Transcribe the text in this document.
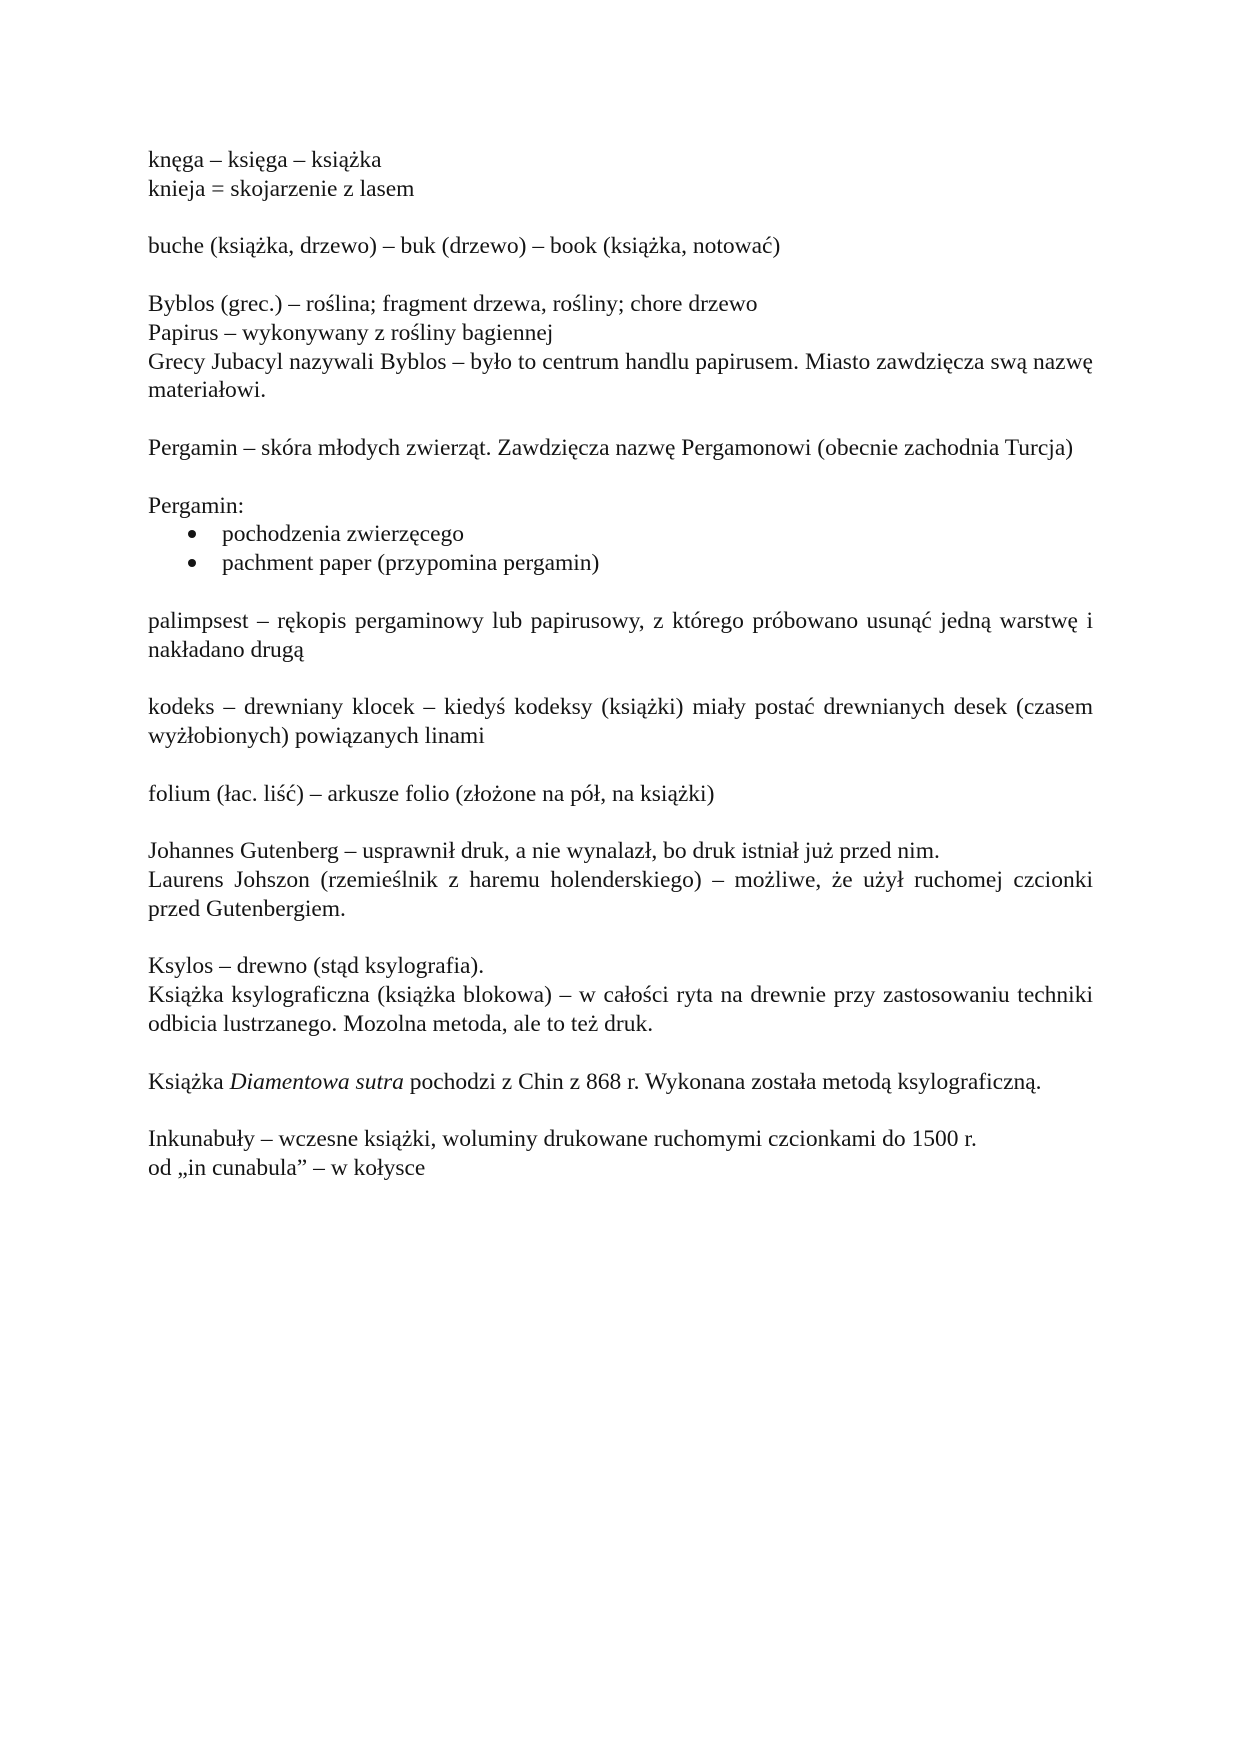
knęga – księga – książka
knieja = skojarzenie z lasem
buche (książka, drzewo) – buk (drzewo) – book (książka, notować)
Byblos (grec.) – roślina; fragment drzewa, rośliny; chore drzewo
Papirus – wykonywany z rośliny bagiennej
Grecy Jubacyl nazywali Byblos – było to centrum handlu papirusem. Miasto zawdzięcza swą nazwę materiałowi.
Pergamin – skóra młodych zwierząt. Zawdzięcza nazwę Pergamonowi (obecnie zachodnia Turcja)
Pergamin:
pochodzenia zwierzęcego
pachment paper (przypomina pergamin)
palimpsest – rękopis pergaminowy lub papirusowy, z którego próbowano usunąć jedną warstwę i nakładano drugą
kodeks – drewniany klocek – kiedyś kodeksy (książki) miały postać drewnianych desek (czasem wyżłobionych) powiązanych linami
folium (łac. liść) – arkusze folio (złożone na pół, na książki)
Johannes Gutenberg – usprawnił druk, a nie wynalazł, bo druk istniał już przed nim.
Laurens Johszon (rzemieślnik z haremu holenderskiego) – możliwe, że użył ruchomej czcionki przed Gutenbergiem.
Ksylos – drewno (stąd ksylografia).
Książka ksylograficzna (książka blokowa) – w całości ryta na drewnie przy zastosowaniu techniki odbicia lustrzanego. Mozolna metoda, ale to też druk.
Książka Diamentowa sutra pochodzi z Chin z 868 r. Wykonana została metodą ksylograficzną.
Inkunabuły – wczesne książki, woluminy drukowane ruchomymi czcionkami do 1500 r.
od „in cunabula” – w kołysce
